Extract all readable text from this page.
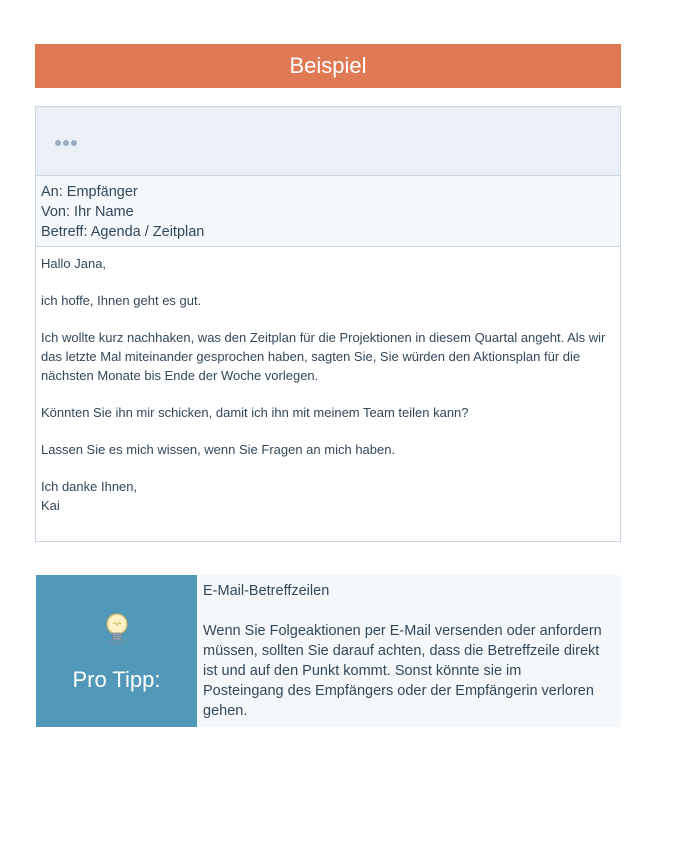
Beispiel
An: Empfänger
Von: Ihr Name
Betreff: Agenda / Zeitplan

Hallo Jana,

ich hoffe, Ihnen geht es gut.

Ich wollte kurz nachhaken, was den Zeitplan für die Projektionen in diesem Quartal angeht. Als wir das letzte Mal miteinander gesprochen haben, sagten Sie, Sie würden den Aktionsplan für die nächsten Monate bis Ende der Woche vorlegen.

Könnten Sie ihn mir schicken, damit ich ihn mit meinem Team teilen kann?

Lassen Sie es mich wissen, wenn Sie Fragen an mich haben.

Ich danke Ihnen,
Kai

Pro Tipp:
E-Mail-Betreffzeilen
Wenn Sie Folgeaktionen per E-Mail versenden oder anfordern müssen, sollten Sie darauf achten, dass die Betreffzeile direkt ist und auf den Punkt kommt. Sonst könnte sie im Posteingang des Empfängers oder der Empfängerin verloren gehen.
